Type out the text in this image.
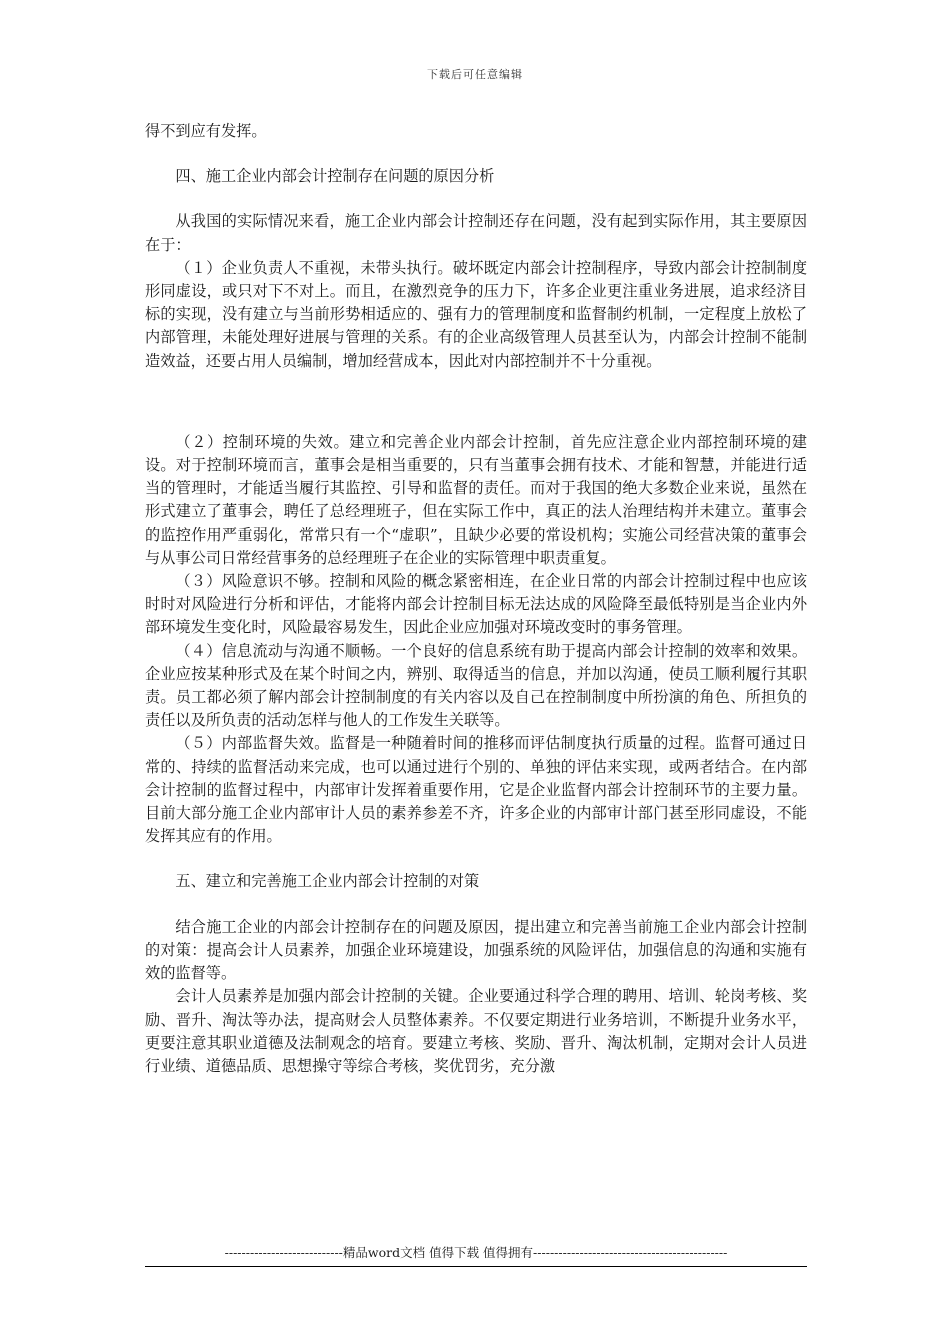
下载后可任意编辑

得不到应有发挥。

四、施工企业内部会计控制存在问题的原因分析

从我国的实际情况来看，施工企业内部会计控制还存在问题，没有起到实际作用，其主要原因在于：

（１）企业负责人不重视，未带头执行。破坏既定内部会计控制程序，导致内部会计控制制度形同虚设，或只对下不对上。而且，在激烈竞争的压力下，许多企业更注重业务进展，追求经济目标的实现，没有建立与当前形势相适应的、强有力的管理制度和监督制约机制，一定程度上放松了内部管理，未能处理好进展与管理的关系。有的企业高级管理人员甚至认为，内部会计控制不能制造效益，还要占用人员编制，增加经营成本，因此对内部控制并不十分重视。

（２）控制环境的失效。建立和完善企业内部会计控制，首先应注意企业内部控制环境的建设。对于控制环境而言，董事会是相当重要的，只有当董事会拥有技术、才能和智慧，并能进行适当的管理时，才能适当履行其监控、引导和监督的责任。而对于我国的绝大多数企业来说，虽然在形式建立了董事会，聘任了总经理班子，但在实际工作中，真正的法人治理结构并未建立。董事会的监控作用严重弱化，常常只有一个“虚职”，且缺少必要的常设机构；实施公司经营决策的董事会与从事公司日常经营事务的总经理班子在企业的实际管理中职责重复。

（３）风险意识不够。控制和风险的概念紧密相连，在企业日常的内部会计控制过程中也应该时时对风险进行分析和评估，才能将内部会计控制目标无法达成的风险降至最低特别是当企业内外部环境发生变化时，风险最容易发生，因此企业应加强对环境改变时的事务管理。

（４）信息流动与沟通不顺畅。一个良好的信息系统有助于提高内部会计控制的效率和效果。企业应按某种形式及在某个时间之内，辨别、取得适当的信息，并加以沟通，使员工顺利履行其职责。员工都必须了解内部会计控制制度的有关内容以及自己在控制制度中所扮演的角色、所担负的责任以及所负责的活动怎样与他人的工作发生关联等。

（５）内部监督失效。监督是一种随着时间的推移而评估制度执行质量的过程。监督可通过日常的、持续的监督活动来完成，也可以通过进行个别的、单独的评估来实现，或两者结合。在内部会计控制的监督过程中，内部审计发挥着重要作用，它是企业监督内部会计控制环节的主要力量。目前大部分施工企业内部审计人员的素养参差不齐，许多企业的内部审计部门甚至形同虚设，不能发挥其应有的作用。

五、建立和完善施工企业内部会计控制的对策

结合施工企业的内部会计控制存在的问题及原因，提出建立和完善当前施工企业内部会计控制的对策：提高会计人员素养，加强企业环境建设，加强系统的风险评估，加强信息的沟通和实施有效的监督等。

会计人员素养是加强内部会计控制的关键。企业要通过科学合理的聘用、培训、轮岗考核、奖励、晋升、淘汰等办法，提高财会人员整体素养。不仅要定期进行业务培训，不断提升业务水平，更要注意其职业道德及法制观念的培育。要建立考核、奖励、晋升、淘汰机制，定期对会计人员进行业绩、道德品质、思想操守等综合考核，奖优罚劣，充分激

----------------------------精品word文档 值得下载 值得拥有----------------------------------------------
